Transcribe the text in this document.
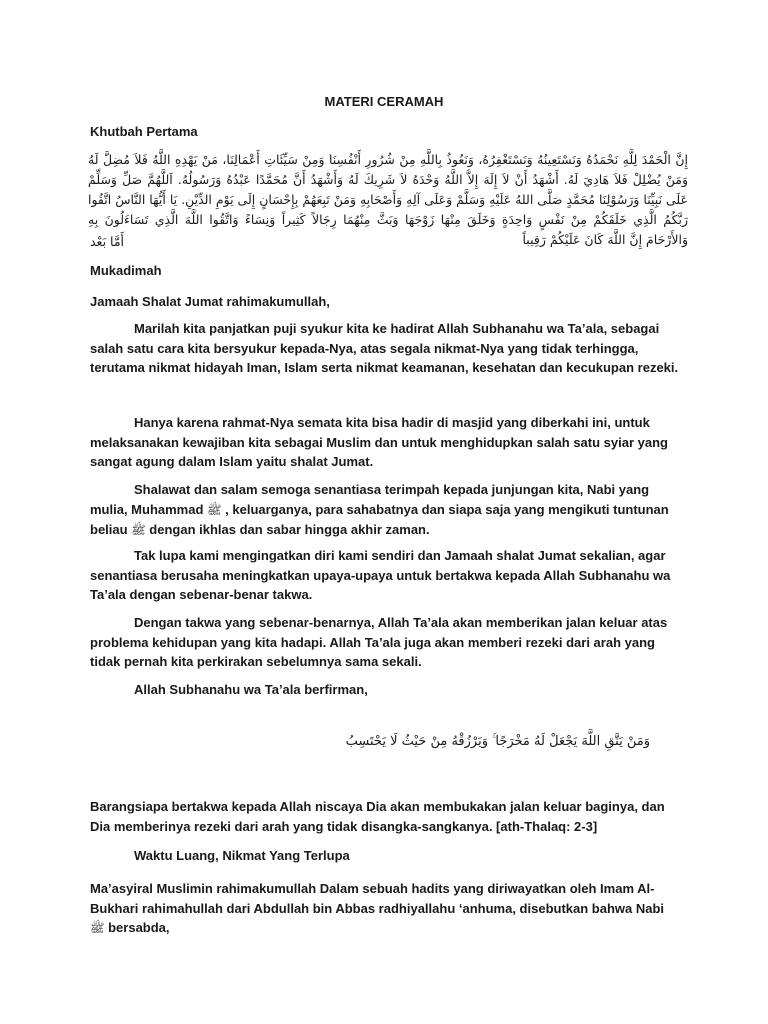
MATERI CERAMAH
Khutbah Pertama
إِنَّ الْحَمْدَ لِلَّهِ نَحْمَدُهُ وَنَسْتَعِينُهُ وَنَسْتَغْفِرُهُ، وَنَعُوذُ بِاللَّهِ مِنْ شُرُورِ أَنْفُسِنَا وَمِنْ سَيِّئَاتِ أَعْمَالِنَا، مَنْ يَهْدِهِ اللَّهُ فَلاَ مُضِلَّ لَهُ وَمَنْ يُضْلِلْ فَلاَ هَادِيَ لَهُ. أَشْهَدُ أَنْ لاَ إِلَهَ إِلاَّ اللَّهُ وَحْدَهُ لاَ شَرِيكَ لَهُ وَأَشْهَدُ أَنَّ مُحَمَّدًا عَبْدُهُ وَرَسُولُهُ. اَللَّهُمَّ صَلِّ وَسَلِّمْ عَلَى نَبِيِّنَا وَرَسُوْلِنَا مُحَمَّدٍ صَلَّى اللهُ عَلَيْهِ وَسَلَّمْ وَعَلَى آلِهِ وَأَصْحَابِهِ وَمَنْ تَبِعَهُمْ بِإِحْسَانٍ إِلَى يَوْمِ الدِّيْنِ. يَا أَيُّهَا النَّاسُ اتَّقُوا رَبَّكُمُ الَّذِي خَلَقَكُمْ مِنْ نَفْسٍ وَاحِدَةٍ وَخَلَقَ مِنْهَا زَوْجَهَا وَبَثَّ مِنْهُمَا رِجَالاً كَثِيراً وَنِسَاءً وَاتَّقُوا اللَّهَ الَّذِي تَسَاءَلُونَ بِهِ وَالأَرْحَامَ إِنَّ اللَّهَ كَانَ عَلَيْكُمْ رَقِيباً
أَمَّا بَعْد
Mukadimah
Jamaah Shalat Jumat rahimakumullah,
Marilah kita panjatkan puji syukur kita ke hadirat Allah Subhanahu wa Ta’ala, sebagai salah satu cara kita bersyukur kepada-Nya, atas segala nikmat-Nya yang tidak terhingga, terutama nikmat hidayah Iman, Islam serta nikmat keamanan, kesehatan dan kecukupan rezeki.
Hanya karena rahmat-Nya semata kita bisa hadir di masjid yang diberkahi ini, untuk melaksanakan kewajiban kita sebagai Muslim dan untuk menghidupkan salah satu syiar yang sangat agung dalam Islam yaitu shalat Jumat.
Shalawat dan salam semoga senantiasa terimpah kepada junjungan kita, Nabi yang mulia, Muhammad ﷺ , keluarganya, para sahabatnya dan siapa saja yang mengikuti tuntunan beliau ﷺ dengan ikhlas dan sabar hingga akhir zaman.
Tak lupa kami mengingatkan diri kami sendiri dan Jamaah shalat Jumat sekalian, agar senantiasa berusaha meningkatkan upaya-upaya untuk bertakwa kepada Allah Subhanahu wa Ta’ala dengan sebenar-benar takwa.
Dengan takwa yang sebenar-benarnya, Allah Ta’ala akan memberikan jalan keluar atas problema kehidupan yang kita hadapi. Allah Ta’ala juga akan memberi rezeki dari arah yang tidak pernah kita perkirakan sebelumnya sama sekali.
Allah Subhanahu wa Ta’ala berfirman,
وَمَنْ يَتَّقِ اللَّهَ يَجْعَلْ لَهُ مَخْرَجًا ۚ وَيَرْزُقْهُ مِنْ حَيْثُ لَا يَحْتَسِبُ
Barangsiapa bertakwa kepada Allah niscaya Dia akan membukakan jalan keluar baginya, dan Dia memberinya rezeki dari arah yang tidak disangka-sangkanya. [ath-Thalaq: 2-3]
Waktu Luang, Nikmat Yang Terlupa
Ma’asyiral Muslimin rahimakumullah Dalam sebuah hadits yang diriwayatkan oleh Imam Al-Bukhari rahimahullah dari Abdullah bin Abbas radhiyallahu ‘anhuma, disebutkan bahwa Nabi ﷺ bersabda,
